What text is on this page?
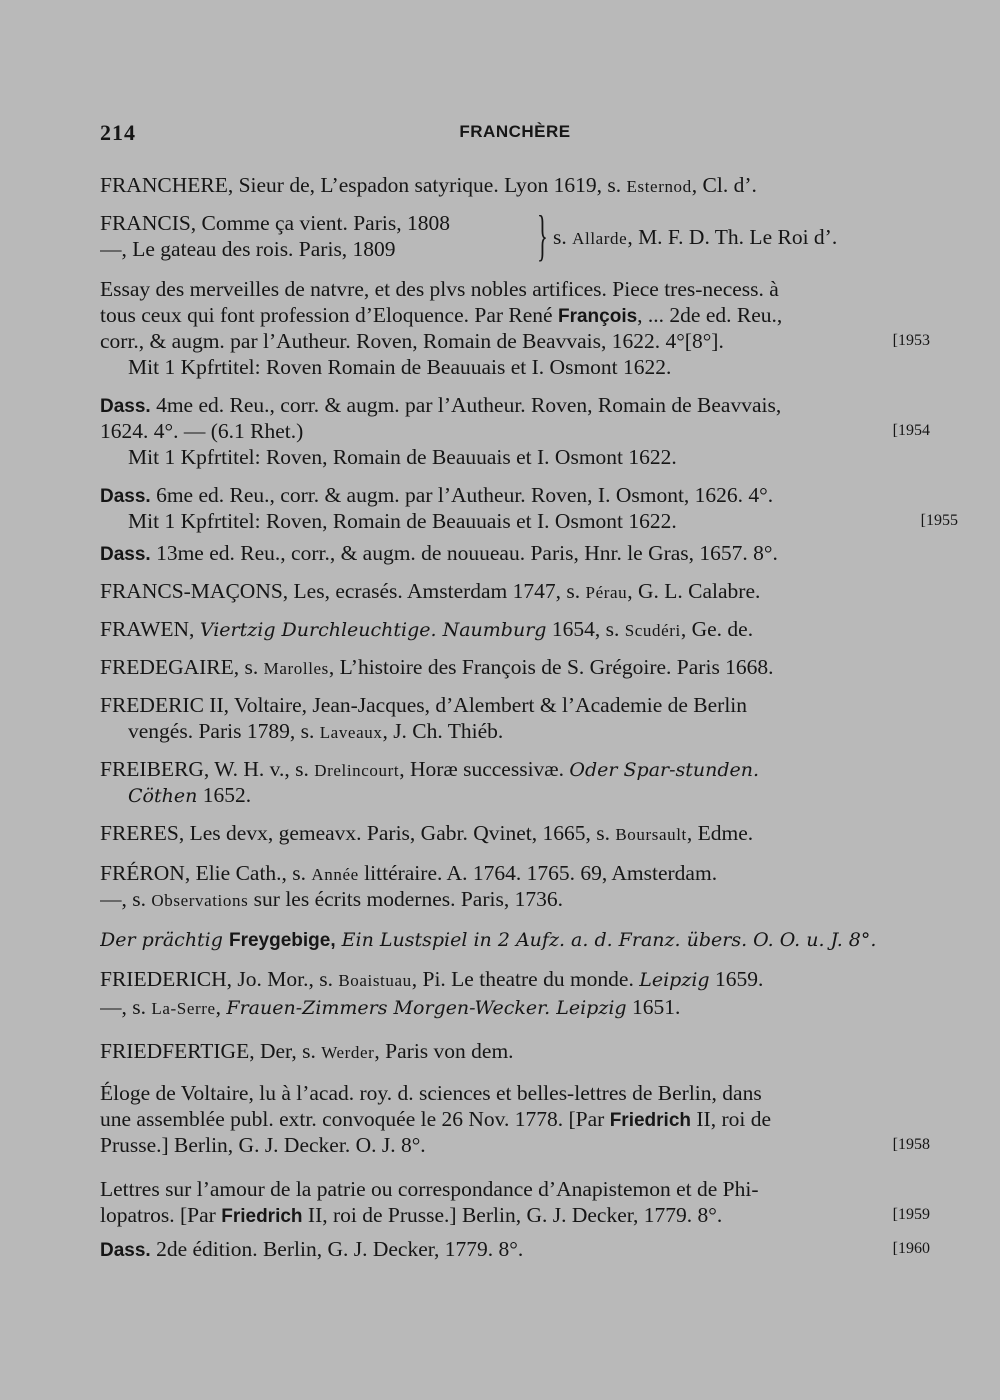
214	FRANCHÈRE
FRANCHERE, Sieur de, L’espadon satyrique. Lyon 1619, s. Esternod, Cl. d’.
FRANCIS, Comme ça vient. Paris, 1808
—, Le gateau des rois. Paris, 1809	} s. Allarde, M. F. D. Th. Le Roi d’.
Essay des merveilles de natvre, et des plvs nobles artifices. Piece tres-necess. à
tous ceux qui font profession d’Eloquence. Par René François, ... 2de ed. Reu.,
corr., & augm. par l’Autheur. Roven, Romain de Beavvais, 1622. 4°[8°].	[1953
Mit 1 Kpfrtitel: Roven Romain de Beauuais et I. Osmont 1622.
Dass. 4me ed. Reu., corr. & augm. par l’Autheur. Roven, Romain de Beavvais,
1624. 4°. — (6.1 Rhet.)	[1954
Mit 1 Kpfrtitel: Roven, Romain de Beauuais et I. Osmont 1622.
Dass. 6me ed. Reu., corr. & augm. par l’Autheur. Roven, I. Osmont, 1626. 4°.
Mit 1 Kpfrtitel: Roven, Romain de Beauuais et I. Osmont 1622.	[1955
Dass. 13me ed. Reu., corr., & augm. de nouueau. Paris, Hnr. le Gras, 1657. 8°.
FRANCS-MAÇONS, Les, ecrasés. Amsterdam 1747, s. Pérau, G. L. Calabre.
FRAWEN, Viertzig Durchleuchtige. Naumburg 1654, s. Scudéri, Ge. de.
FREDEGAIRE, s. Marolles, L’histoire des François de S. Grégoire. Paris 1668.
FREDERIC II, Voltaire, Jean-Jacques, d’Alembert & l’Academie de Berlin
vengés. Paris 1789, s. Laveaux, J. Ch. Thiéb.
FREIBERG, W. H. v., s. Drelincourt, Horæ successivæ. Oder Spar-stunden.
Cöthen 1652.
FRERES, Les devx, gemeavx. Paris, Gabr. Qvinet, 1665, s. Boursault, Edme.
FRÉRON, Elie Cath., s. Année littéraire. A. 1764. 1765. 69, Amsterdam.
—, s. Observations sur les écrits modernes. Paris, 1736.
Der prächtig Freygebige, Ein Lustspiel in 2 Aufz. a. d. Franz. übers. O. O. u. J. 8°.
FRIEDERICH, Jo. Mor., s. Boaistuau, Pi. Le theatre du monde. Leipzig 1659.
—, s. La-Serre, Frauen-Zimmers Morgen-Wecker. Leipzig 1651.
FRIEDFERTIGE, Der, s. Werder, Paris von dem.
Éloge de Voltaire, lu à l’acad. roy. d. sciences et belles-lettres de Berlin, dans
une assemblée publ. extr. convoquée le 26 Nov. 1778. [Par Friedrich II, roi de
Prusse.] Berlin, G. J. Decker. O. J. 8°.	[1958
Lettres sur l’amour de la patrie ou correspondance d’Anapistemon et de Phi-
lopatros. [Par Friedrich II, roi de Prusse.] Berlin, G. J. Decker, 1779. 8°.	[1959
Dass. 2de édition. Berlin, G. J. Decker, 1779. 8°.	[1960
